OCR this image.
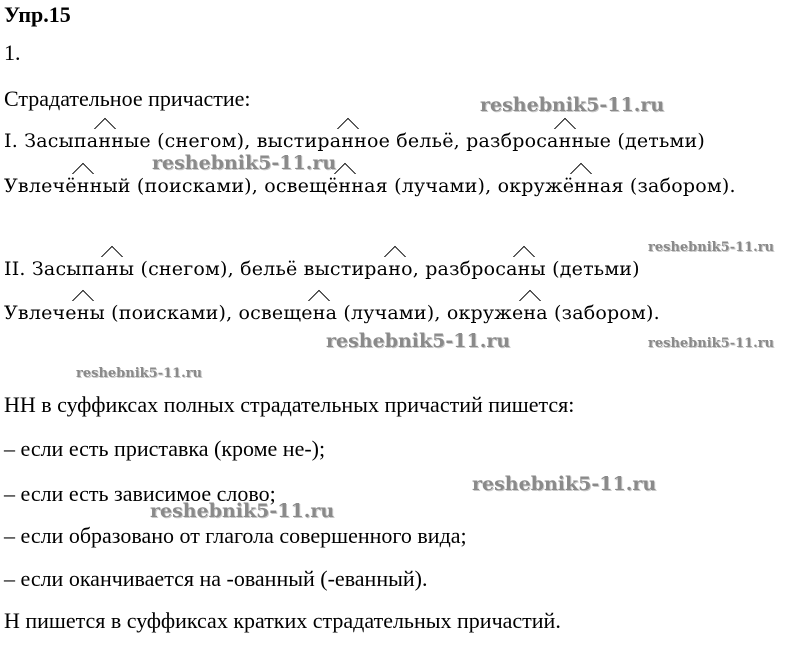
Упр.15
1.
Страдательное причастие:
I. Засыпанные (снегом), выстиранное бельё, разбросанные (детьми)
Увлечённый (поисками), освещённая (лучами), окружённая (забором).
II. Засыпаны (снегом), бельё выстирано, разбросаны (детьми)
Увлечены (поисками), освещена (лучами), окружена (забором).
НН в суффиксах полных страдательных причастий пишется:
– если есть приставка (кроме не-);
– если есть зависимое слово;
– если образовано от глагола совершенного вида;
– если оканчивается на -ованный (-еванный).
Н пишется в суффиксах кратких страдательных причастий.
reshebnik5-11.ru
reshebnik5-11.ru
reshebnik5-11.ru
reshebnik5-11.ru	reshebnik5-11.ru
reshebnik5-11.ru
reshebnik5-11.ru
reshebnik5-11.ru
